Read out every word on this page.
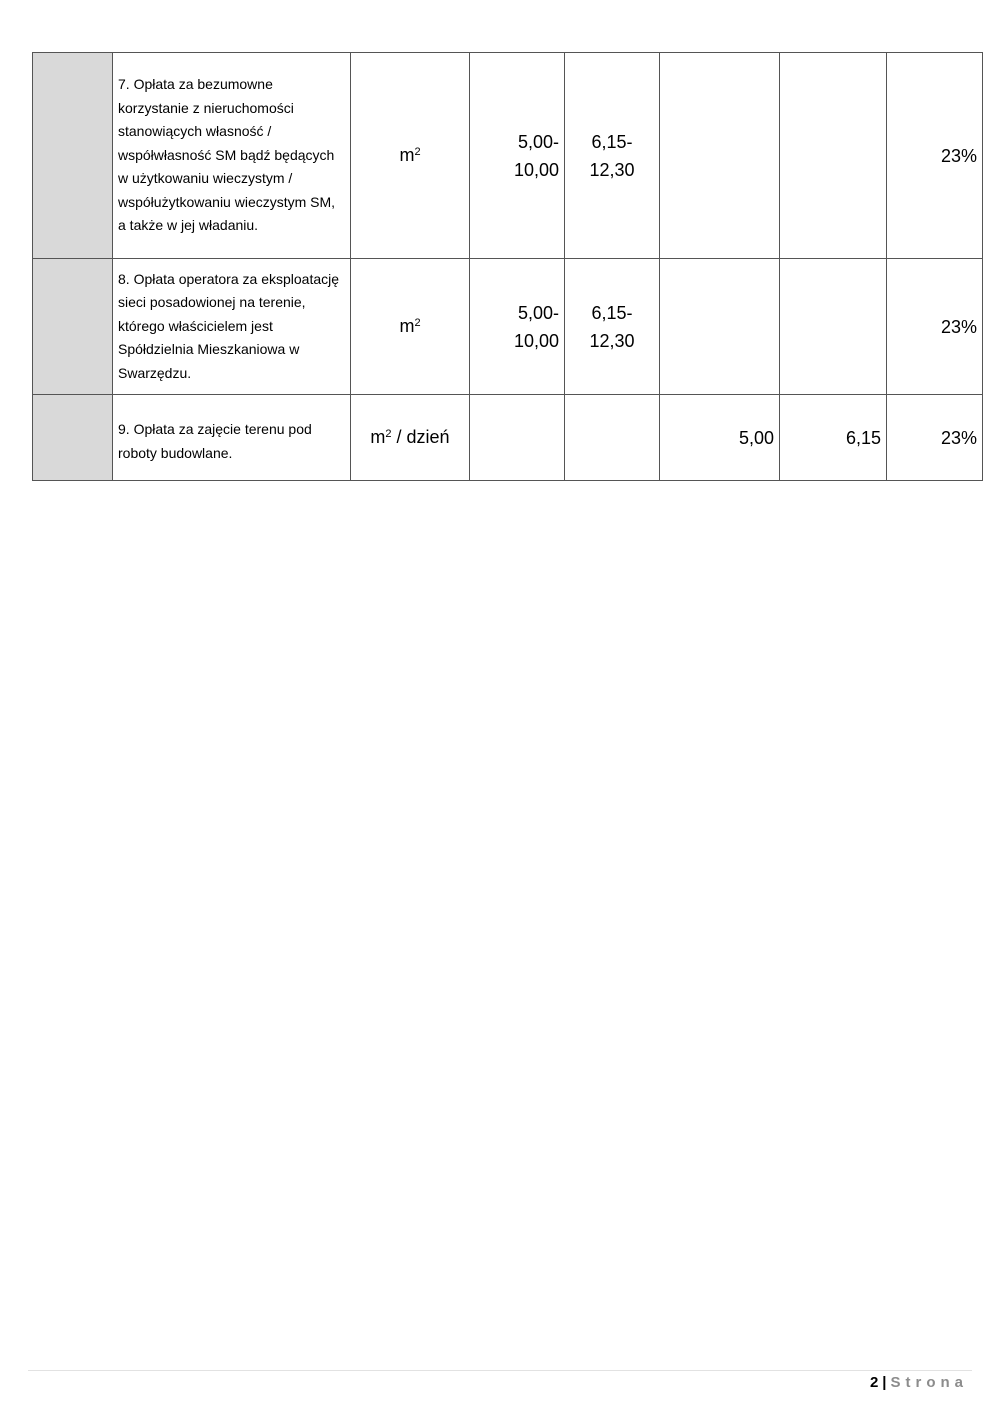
	7. Opłata za bezumowne korzystanie z nieruchomości stanowiących własność / współwłasność SM bądź będących w użytkowaniu wieczystym / współużytkowaniu wieczystym SM, a także w jej władaniu.	$m^2$	5,00-
10,00	6,15-
12,30			23%
	8. Opłata operatora za eksploatację sieci posadowionej na terenie, którego właścicielem jest Spółdzielnia Mieszkaniowa w Swarzędzu.	$m^2$	5,00-
10,00	6,15-
12,30			23%
	9. Opłata za zajęcie terenu pod roboty budowlane.	$m^2$ / dzień			5,00	6,15	23%
2 | Strona
